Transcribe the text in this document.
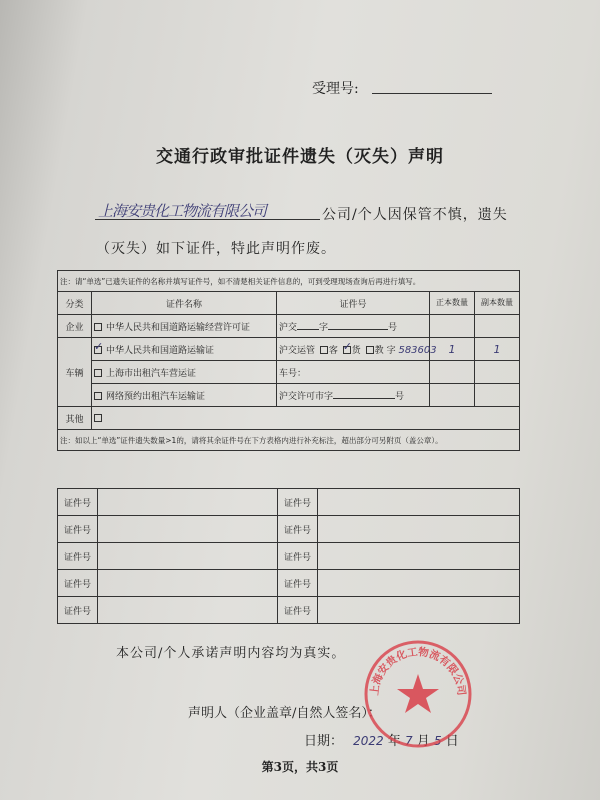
受理号:
交通行政审批证件遗失（灭失）声明
上海安贵化工物流有限公司	公司/个人因保管不慎，遗失
（灭失）如下证件，特此声明作废。
注：请“单选”已遗失证件的名称并填写证件号，如不清楚相关证件信息的，可到受理现场查询后再进行填写。				
分类	证件名称	证件号	正本数量	副本数量
企业	中华人民共和国道路运输经营许可证	沪交 字 号		
车辆	✓ 中华人民共和国道路运输证	沪交运管 客 ✓ 货 教 字 583603	1	1
	上海市出租汽车营运证	车号：		
	网络预约出租汽车运输证	沪交许可市字 号		
其他				
注：如以上“单选”证件遗失数量>1的，请将其余证件号在下方表格内进行补充标注，超出部分可另附页（盖公章）。				
证件号		证件号	
证件号		证件号	
证件号		证件号	
证件号		证件号	
证件号		证件号	
本公司/个人承诺声明内容均为真实。
声明人（企业盖章/自然人签名）：
日期： 2022 年 7 月 5 日
上海安贵化工物流有限公司
第3页，共3页
